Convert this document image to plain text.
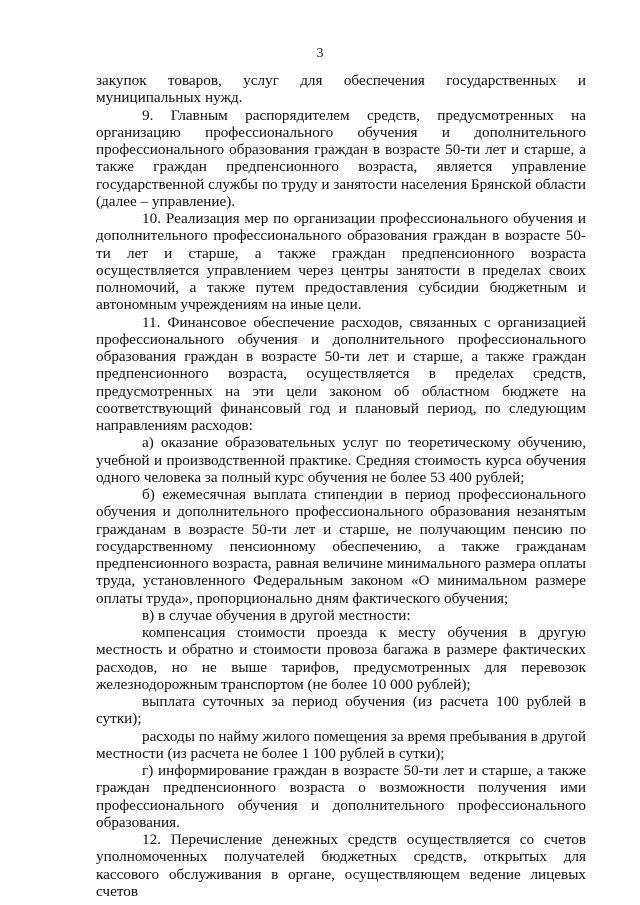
3

закупок товаров, услуг для обеспечения государственных и муниципальных нужд.

9. Главным распорядителем средств, предусмотренных на организацию профессионального обучения и дополнительного профессионального образования граждан в возрасте 50-ти лет и старше, а также граждан предпенсионного возраста, является управление государственной службы по труду и занятости населения Брянской области (далее – управление).

10. Реализация мер по организации профессионального обучения и дополнительного профессионального образования граждан в возрасте 50-ти лет и старше, а также граждан предпенсионного возраста осуществляется управлением через центры занятости в пределах своих полномочий, а также путем предоставления субсидии бюджетным и автономным учреждениям на иные цели.

11. Финансовое обеспечение расходов, связанных с организацией профессионального обучения и дополнительного профессионального образования граждан в возрасте 50-ти лет и старше, а также граждан предпенсионного возраста, осуществляется в пределах средств, предусмотренных на эти цели законом об областном бюджете на соответствующий финансовый год и плановый период, по следующим направлениям расходов:

а) оказание образовательных услуг по теоретическому обучению, учебной и производственной практике. Средняя стоимость курса обучения одного человека за полный курс обучения не более 53 400 рублей;

б) ежемесячная выплата стипендии в период профессионального обучения и дополнительного профессионального образования незанятым гражданам в возрасте 50-ти лет и старше, не получающим пенсию по государственному пенсионному обеспечению, а также гражданам предпенсионного возраста, равная величине минимального размера оплаты труда, установленного Федеральным законом «О минимальном размере оплаты труда», пропорционально дням фактического обучения;

в) в случае обучения в другой местности:

компенсация стоимости проезда к месту обучения в другую местность и обратно и стоимости провоза багажа в размере фактических расходов, но не выше тарифов, предусмотренных для перевозок железнодорожным транспортом (не более 10 000 рублей);

выплата суточных за период обучения (из расчета 100 рублей в сутки);

расходы по найму жилого помещения за время пребывания в другой местности (из расчета не более 1 100 рублей в сутки);

г) информирование граждан в возрасте 50-ти лет и старше, а также граждан предпенсионного возраста о возможности получения ими профессионального обучения и дополнительного профессионального образования.

12. Перечисление денежных средств осуществляется со счетов уполномоченных получателей бюджетных средств, открытых для кассового обслуживания в органе, осуществляющем ведение лицевых счетов
